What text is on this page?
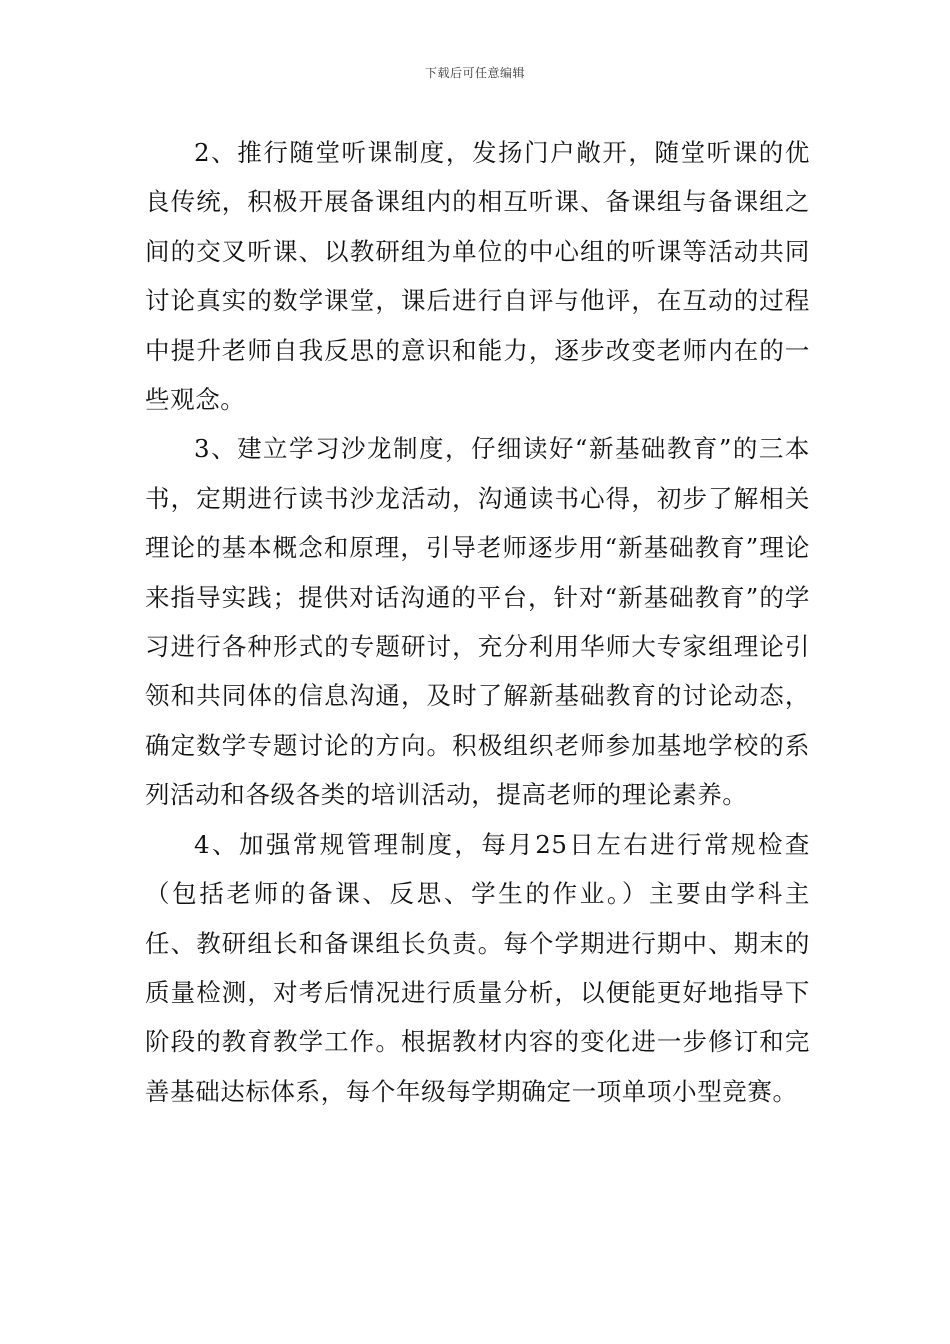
下载后可任意编辑

2、推行随堂听课制度，发扬门户敞开，随堂听课的优良传统，积极开展备课组内的相互听课、备课组与备课组之间的交叉听课、以教研组为单位的中心组的听课等活动共同讨论真实的数学课堂，课后进行自评与他评，在互动的过程中提升老师自我反思的意识和能力，逐步改变老师内在的一些观念。

3、建立学习沙龙制度，仔细读好“新基础教育”的三本书，定期进行读书沙龙活动，沟通读书心得，初步了解相关理论的基本概念和原理，引导老师逐步用“新基础教育”理论来指导实践；提供对话沟通的平台，针对“新基础教育”的学习进行各种形式的专题研讨，充分利用华师大专家组理论引领和共同体的信息沟通，及时了解新基础教育的讨论动态，确定数学专题讨论的方向。积极组织老师参加基地学校的系列活动和各级各类的培训活动，提高老师的理论素养。

4、加强常规管理制度，每月25日左右进行常规检查（包括老师的备课、反思、学生的作业。）主要由学科主任、教研组长和备课组长负责。每个学期进行期中、期末的质量检测，对考后情况进行质量分析，以便能更好地指导下阶段的教育教学工作。根据教材内容的变化进一步修订和完善基础达标体系，每个年级每学期确定一项单项小型竞赛。
